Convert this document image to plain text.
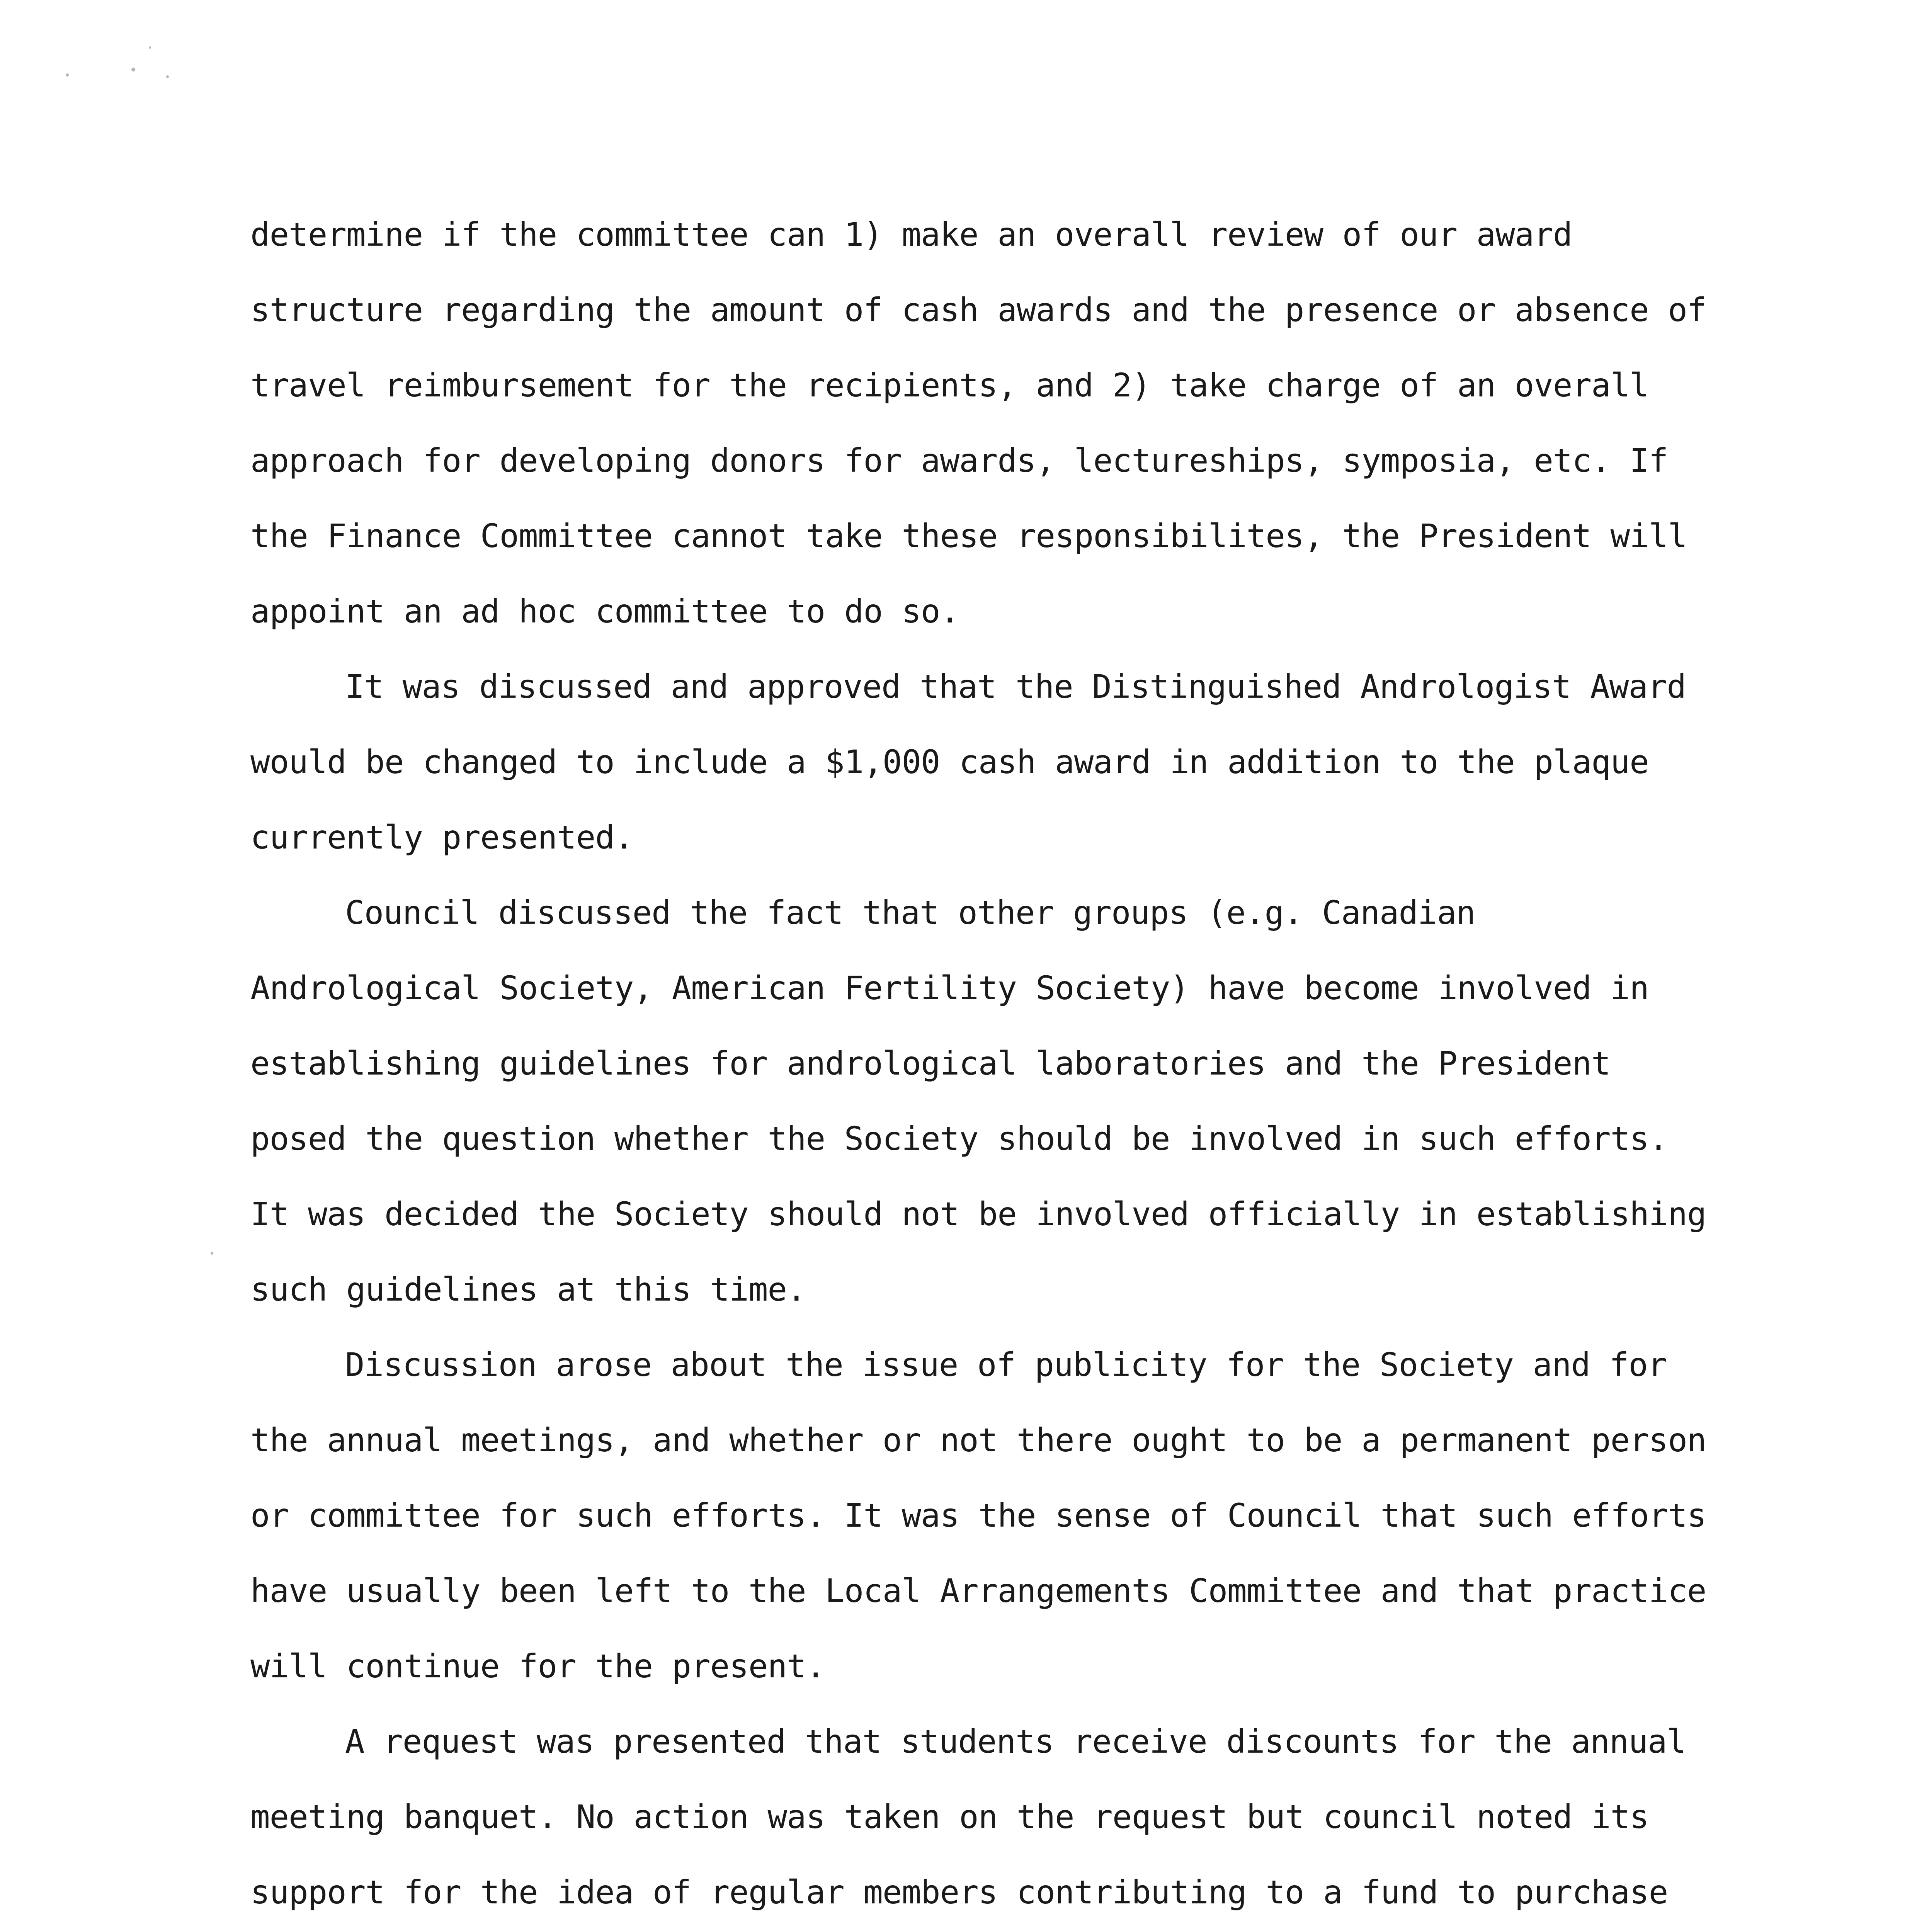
determine if the committee can 1) make an overall review of our award structure regarding the amount of cash awards and the presence or absence of travel reimbursement for the recipients, and 2) take charge of an overall approach for developing donors for awards, lectureships, symposia, etc. If the Finance Committee cannot take these responsibilites, the President will appoint an ad hoc committee to do so.

It was discussed and approved that the Distinguished Andrologist Award would be changed to include a $1,000 cash award in addition to the plaque currently presented.

Council discussed the fact that other groups (e.g. Canadian Andrological Society, American Fertility Society) have become involved in establishing guidelines for andrological laboratories and the President posed the question whether the Society should be involved in such efforts. It was decided the Society should not be involved officially in establishing such guidelines at this time.

Discussion arose about the issue of publicity for the Society and for the annual meetings, and whether or not there ought to be a permanent person or committee for such efforts. It was the sense of Council that such efforts have usually been left to the Local Arrangements Committee and that practice will continue for the present.

A request was presented that students receive discounts for the annual meeting banquet. No action was taken on the request but council noted its support for the idea of regular members contributing to a fund to purchase
